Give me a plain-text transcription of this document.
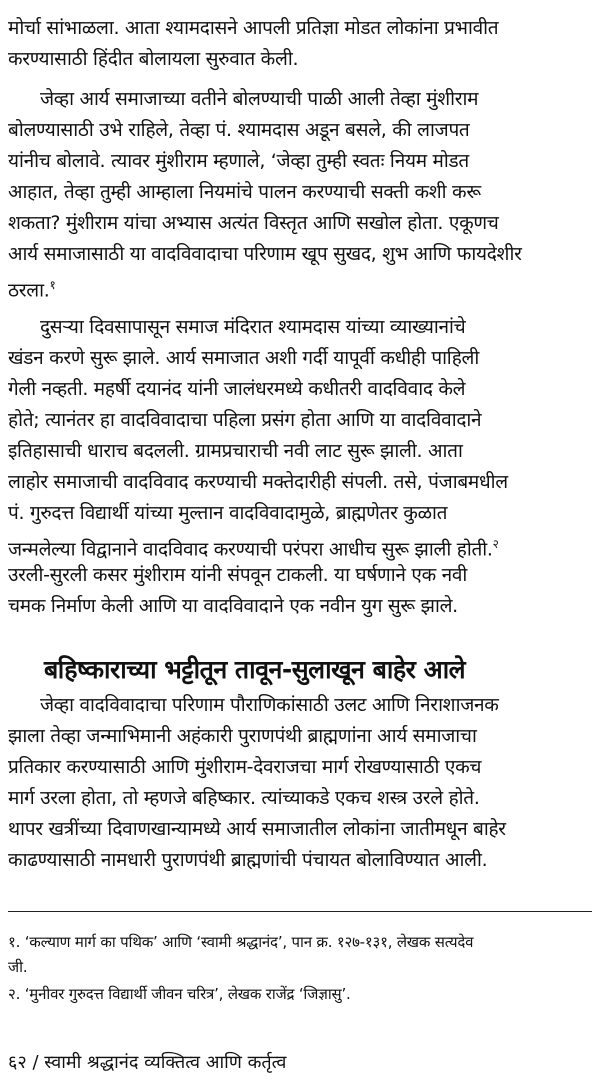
मोर्चा सांभाळला. आता श्यामदासने आपली प्रतिज्ञा मोडत लोकांना प्रभावीत
करण्यासाठी हिंदीत बोलायला सुरुवात केली.
जेव्हा आर्य समाजाच्या वतीने बोलण्याची पाळी आली तेव्हा मुंशीराम
बोलण्यासाठी उभे राहिले, तेव्हा पं. श्यामदास अडून बसले, की लाजपत
यांनीच बोलावे. त्यावर मुंशीराम म्हणाले, ‘जेव्हा तुम्ही स्वतः नियम मोडत
आहात, तेव्हा तुम्ही आम्हाला नियमांचे पालन करण्याची सक्ती कशी करू
शकता? मुंशीराम यांचा अभ्यास अत्यंत विस्तृत आणि सखोल होता. एकूणच
आर्य समाजासाठी या वादविवादाचा परिणाम खूप सुखद, शुभ आणि फायदेशीर
ठरला.$^१$
दुसऱ्या दिवसापासून समाज मंदिरात श्यामदास यांच्या व्याख्यानांचे
खंडन करणे सुरू झाले. आर्य समाजात अशी गर्दी यापूर्वी कधीही पाहिली
गेली नव्हती. महर्षी दयानंद यांनी जालंधरमध्ये कधीतरी वादविवाद केले
होते; त्यानंतर हा वादविवादाचा पहिला प्रसंग होता आणि या वादविवादाने
इतिहासाची धाराच बदलली. ग्रामप्रचाराची नवी लाट सुरू झाली. आता
लाहोर समाजाची वादविवाद करण्याची मक्तेदारीही संपली. तसे, पंजाबमधील
पं. गुरुदत्त विद्यार्थी यांच्या मुल्तान वादविवादामुळे, ब्राह्मणेतर कुळात
जन्मलेल्या विद्वानाने वादविवाद करण्याची परंपरा आधीच सुरू झाली होती.$^२$
उरली-सुरली कसर मुंशीराम यांनी संपवून टाकली. या घर्षणाने एक नवी
चमक निर्माण केली आणि या वादविवादाने एक नवीन युग सुरू झाले.
बहिष्काराच्या भट्टीतून तावून-सुलाखून बाहेर आले
जेव्हा वादविवादाचा परिणाम पौराणिकांसाठी उलट आणि निराशाजनक
झाला तेव्हा जन्माभिमानी अहंकारी पुराणपंथी ब्राह्मणांना आर्य समाजाचा
प्रतिकार करण्यासाठी आणि मुंशीराम-देवराजचा मार्ग रोखण्यासाठी एकच
मार्ग उरला होता, तो म्हणजे बहिष्कार. त्यांच्याकडे एकच शस्त्र उरले होते.
थापर खत्रींच्या दिवाणखान्यामध्ये आर्य समाजातील लोकांना जातीमधून बाहेर
काढण्यासाठी नामधारी पुराणपंथी ब्राह्मणांची पंचायत बोलाविण्यात आली.
१. ‘कल्याण मार्ग का पथिक’ आणि ‘स्वामी श्रद्धानंद’, पान क्र. १२७-१३१, लेखक सत्यदेव
जी.
२. ‘मुनीवर गुरुदत्त विद्यार्थी जीवन चरित्र’, लेखक राजेंद्र ‘जिज्ञासु’.
६२ / स्वामी श्रद्धानंद व्यक्तित्व आणि कर्तृत्व
